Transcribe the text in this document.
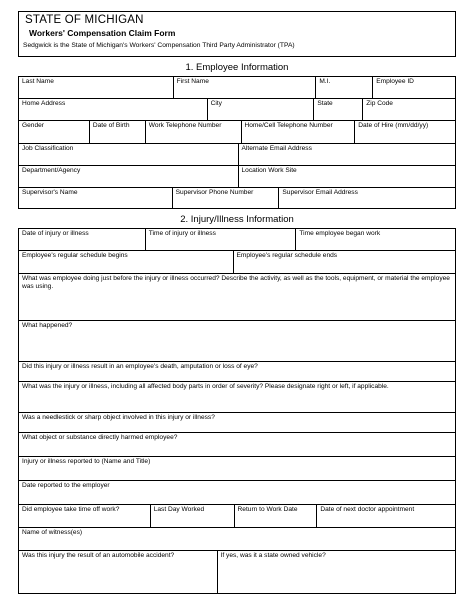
STATE OF MICHIGAN
Workers' Compensation Claim Form
Sedgwick is the State of Michigan's Workers' Compensation Third Party Administrator (TPA)
1. Employee Information
Last Name	First Name	M.I.	Employee ID
Home Address	City	State	Zip Code
Gender	Date of Birth	Work Telephone Number	Home/Cell Telephone Number	Date of Hire (mm/dd/yy)
Job Classification	Alternate Email Address
Department/Agency	Location Work Site
Supervisor's Name	Supervisor Phone Number	Supervisor Email Address
2. Injury/Illness Information
Date of injury or illness	Time of injury or illness	Time employee began work
Employee's regular schedule begins	Employee's regular schedule ends
What was employee doing just before the injury or illness occurred? Describe the activity, as well as the tools, equipment, or material the employee was using.
What happened?
Did this injury or illness result in an employee's death, amputation or loss of eye?
What was the injury or illness, including all affected body parts in order of severity? Please designate right or left, if applicable.
Was a needlestick or sharp object involved in this injury or illness?
What object or substance directly harmed employee?
Injury or illness reported to (Name and Title)
Date reported to the employer
Did employee take time off work?	Last Day Worked	Return to Work Date	Date of next doctor appointment
Name of witness(es)
Was this injury the result of an automobile accident?	If yes, was it a state owned vehicle?
